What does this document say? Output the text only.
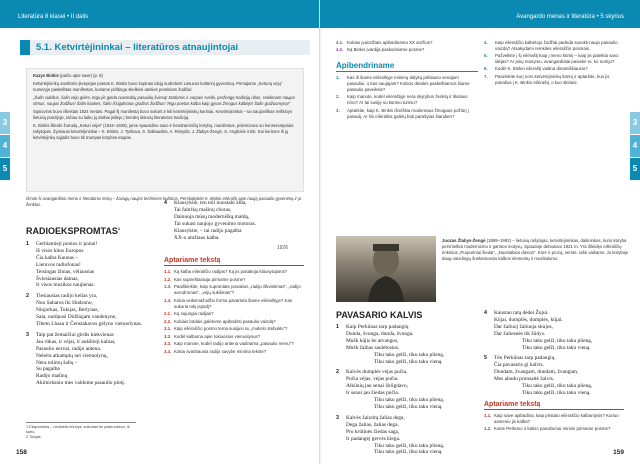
Literatūra 8 klasei • II dalis
3
4
5
5.1. Ketvirtėjininkai – literatūros atnaujintojai

Kazys Binkis (pačiu apie save) (p. 8)

Ketvirtėjininkų sambūrio įkvėpėjas poetas K. Binkis buvo kupinas idėjų sudrebinti Lietuvos kultūrinį gyvenimą. Pirmajame „Keturių vėjų“ numeryje paskelbtas manifestas, kuriame pirštinga skelbėsi ateities poetiniam žodžiui:

„Šalin sukiltus, šalin vėjo gėles, tegu jie gieda nuostabių pasaulių šviesą! Dūdomis ir varpais sveiki, peržengę tradicijų ribas, sveikinam naujus ritmus, naujus žodžius! Šalin kaukes, šalin išsigalvotus gražius žodžius! Tegu poetas kalba kaip gyvas žmogus kalbėjo! Šalin gražuomyną!“

Sąsiuvinis buvo išleistas 1924 metais. Pagal šį manifestą buvo sukurti ir kiti ketvirtėjininkų kūriniai. Ketvirtėjininkai – tai naujoviškas reiškinys lietuvių poezijoje, tačiau su laiku jų darbai įsiliejo į bendrą lietuvių literatūros tradiciją.

K. Binkis išleido žurnalą „Keturi vėjai“ (1924–1928), jame spausdino savo ir bendraminčių kūrybą, manifestus, polemizavo su konservatyviais rašytojais. Žymiausi ketvirtėjininkai – K. Binkis, J. Tysliava, S. Šalkauskis, A. Rimydis, J. Žlabys-Žengė, S. Anglickis ir kiti. Kai kuriems iš jų ketvirtėjinkų sąjūdis buvo tik trumpas kūrybos etapas.

Išmok ši avangardinio meno ir literatūros temų – žaviųjų naujos techninės kultūros. Perskaitykite K. Binkio eilėraštį apie naują pasaulio gyvenimą ir jo ženklus.
RADIOEKSPROMTAS$^1$
1 Gerbiamieji ponios ir ponai!
Iš visos kitos Europos
Čia kalba Kaunas –
Lietuvos radiofonas!
Teisingas žinias, vėliausias
Šviesiausias dainas,
Ir visos muzikos naujienas:
2 Tiesiausias radijo kelias yra,
Nuo Saharos iki Hudsono,
Niujorkas, Tokijas, Berlynas,
Sala, nutūpusi Didžiajam vandenyne,
Tibeto Lhasa ir Čenstakavos gėlyno vienuolynas.
3 Taip pat žemaičiui girdis kiekvienas
Jau rūkas, ir vėjai, ir aukštieji kalnai,
Pasaulio nervai, radijo antena.
Nebėra atkampių nei vienuolynų,
Nėra tolimų šalių –
Su pagalba
Radijo mašinų
Akimirksniu mes valdome pasaulio plotį.
4 Klausykite, ten toli nuostabi alda,
Tai fabrikų mašinų choras,
Dainuoja mūsų modernišką maldą,
Tai sukasi naujojo gyvenimo motoras.
Klausykite, – tai radijo pagalba
XX-o amžiaus kalba.
1926
Aptariame tekstą
1.1. Ką kalba eilėraščio radijas? Ką jis pasakoja klausytojams?
1.2. Kas suprieštarauja pirmame posme?
1.3. Paaiškinkite, kaip suprantate posakius „radijo iškvietimas“, „radijo aerodromas“, „vėjų sukilimas“?
1.4. Kokia veiksmažodžio forma pavartota šiame eilėraštyje? Kas sukuria tokį įspūdį?
2.1. Ką sujungia radijas?
2.2. Kokiais būdais galėtume apibūdinti pasaulio vaizdą?
3.1. Kaip eilėraščio posmo tema susijusi su „mokslo stebuklu“?
3.2. Kodėl kalbama apie tokiuosius vienuolynus?
3.3. Kaip manote, kodėl radijo antena vadinama „pasaulio nervu“?
3.4. Kokia svarbiausia radijo savybė minima tekste?
1 Ekspromtas – nedidelis kūrinys, sukurtas be pasiruošimo, iš karto.
2 Tokijas.
158
Avangardo menas ir literatūra • 5 skyrius
3
4
5
4.1. Kokias įvaizdžiais apibūdinama XX amžius?
4.2. Ką Binkis įvardija paskutiniame posme?
Apibendriname
1.	Kas iš šiame eilėraštyje minimų dalykų priklauso senajam pasauliui, o kas naujajam? Kokios detalės paskelbiamos šiame pasaulio paveiksle?
2.	Kaip manote, kodėl eilėraštyje nėra skyrybos ženklų ir tikslaus rimo? Ar tai susiję su kūrinio turiniu?
3.	Aptarkite, kaip K. Binkis išreiškia modernaus žmogaus požiūrį į pasaulį. Ar šis eilėraštis galėtų būti parašytas šiandien?
4.	Kaip eilėraščio kalbėtojo žodžiai padeda suvokti naujo pasaulio vaizdą? Atsakydami remkitės eilėraščio posmais.
5.	Pažvelkite į šį eilėraštį kaip į meno kūrinį – kaip jis pateikia savo idėjas? Ar jūsų manymu, avangardistai pasiekė to, ko norėjo?
6.	Kodėl K. Binkio eilėraštį vadina dinamiškiausiu?
7.	Pasirinkite kurį nors ketvirtėjininkų kūrinį ir aptarkite, kuo jis panašus į K. Binkio eilėraštį, o kuo skiriasi.
Juozas Žlabys-Žengė (1899–1992) – lietuvių rašytojas, ketvirtėjininkas, dailininkas, kurio kūryba persmelkta modernizmo ir gamtos motyvų. Spaudoje debiutavo 1921 m. Yra išleidęs eilėraščių rinkinius „Purpuriniai žiedai“, „Nuostabios dienos“. Kūrė ir prozą, verstė, rašė vaikams. Jo kūryboje daug vaizdingų šnekamosios kalbos elementų ir muzikalumo.
PAVASARIO KALVIS
1 Kaip Perkūnas tarp padangių
Dunda, švunga, dunda, švunga.
Mušk kūjis be atvangos,
Mušk žaibas saulėtosios.
Tiku taku gelži, tiku taku plieną,
Tiku taku gelži, tiku taku vieną.
2 Kalvės dumplės vėjas pučia,
Pučia vėjas, vėjas pučia.
Alkūnių jau senai išrūgdavo,
Ir senai jau žiedas pučia.
Tiku taku gelži, tiku taku plieną,
Tiku taku gelži, tiku taku vieną.
3 Kalvės žaizdrų žalias dega,
Dega žalias, žalias dega.
Pro krūtinės žiedas saga,
Ir padangėj gervės klega.
Tiku taku gelži, tiku taku plieną,
Tiku taku gelži, tiku taku vieną.
4 Kaustau ratą dėdei Žujui.
Kūjai, dumplės, dumplės, kūjai.
Dar žaliuoj žaliuoja skujos,
Dar žaliesnės tik žūdys.
Tiku taku gelži, tiku taku plieną,
Tiku taku gelži, tiku taku vieną.
5 Tėn Perkūnas tarp padangių.
Čia pavasaris gi kalvis.
Dundam, žvangam, dundam, žvangam,
Mes abudu prunsaitė žalvis.
Tiku taku gelži, tiku taku plieną,
Tiku taku gelži, tiku taku vieną.
Aptariame tekstą
1.1. Kaip save apibūdina, kaip pristato eilėraščio kalbantysis? Kuriuo asmeniu jis kalba?
1.2. Kokie Perkūno ir kalvio panašumai minimi pirmame posme?
159
